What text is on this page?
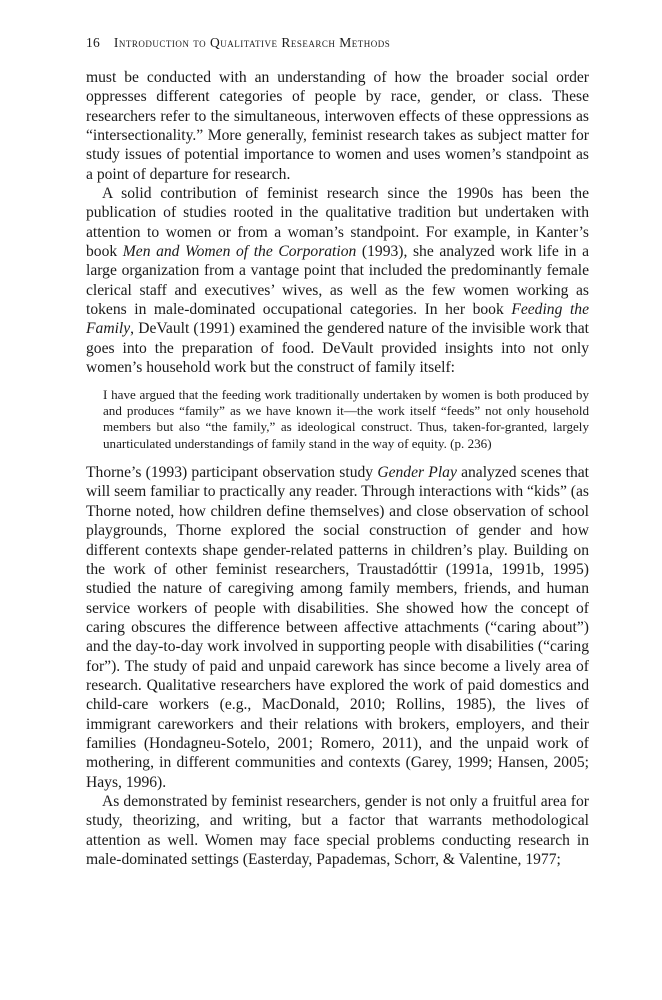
16 Introduction to Qualitative Research Methods

must be conducted with an understanding of how the broader social order oppresses different categories of people by race, gender, or class. These researchers refer to the simultaneous, interwoven effects of these oppressions as “intersectionality.” More generally, feminist research takes as subject matter for study issues of potential importance to women and uses women’s standpoint as a point of departure for research.

A solid contribution of feminist research since the 1990s has been the publication of studies rooted in the qualitative tradition but undertaken with attention to women or from a woman’s standpoint. For example, in Kanter’s book Men and Women of the Corporation (1993), she analyzed work life in a large organization from a vantage point that included the predominantly female clerical staff and executives’ wives, as well as the few women working as tokens in male-dominated occupational categories. In her book Feeding the Family, DeVault (1991) examined the gendered nature of the invisible work that goes into the preparation of food. DeVault provided insights into not only women’s household work but the construct of family itself:

I have argued that the feeding work traditionally undertaken by women is both produced by and produces “family” as we have known it—the work itself “feeds” not only household members but also “the family,” as ideological construct. Thus, taken-for-granted, largely unarticulated understandings of family stand in the way of equity. (p. 236)

Thorne’s (1993) participant observation study Gender Play analyzed scenes that will seem familiar to practically any reader. Through interactions with “kids” (as Thorne noted, how children define themselves) and close observation of school playgrounds, Thorne explored the social construction of gender and how different contexts shape gender-related patterns in children’s play. Building on the work of other feminist researchers, Traustadóttir (1991a, 1991b, 1995) studied the nature of caregiving among family members, friends, and human service workers of people with disabilities. She showed how the concept of caring obscures the difference between affective attachments (“caring about”) and the day-to-day work involved in supporting people with disabilities (“caring for”). The study of paid and unpaid carework has since become a lively area of research. Qualitative researchers have explored the work of paid domestics and child-care workers (e.g., MacDonald, 2010; Rollins, 1985), the lives of immigrant careworkers and their relations with brokers, employers, and their families (Hondagneu-Sotelo, 2001; Romero, 2011), and the unpaid work of mothering, in different communities and contexts (Garey, 1999; Hansen, 2005; Hays, 1996).

As demonstrated by feminist researchers, gender is not only a fruitful area for study, theorizing, and writing, but a factor that warrants methodological attention as well. Women may face special problems conducting research in male-dominated settings (Easterday, Papademas, Schorr, & Valentine, 1977;
